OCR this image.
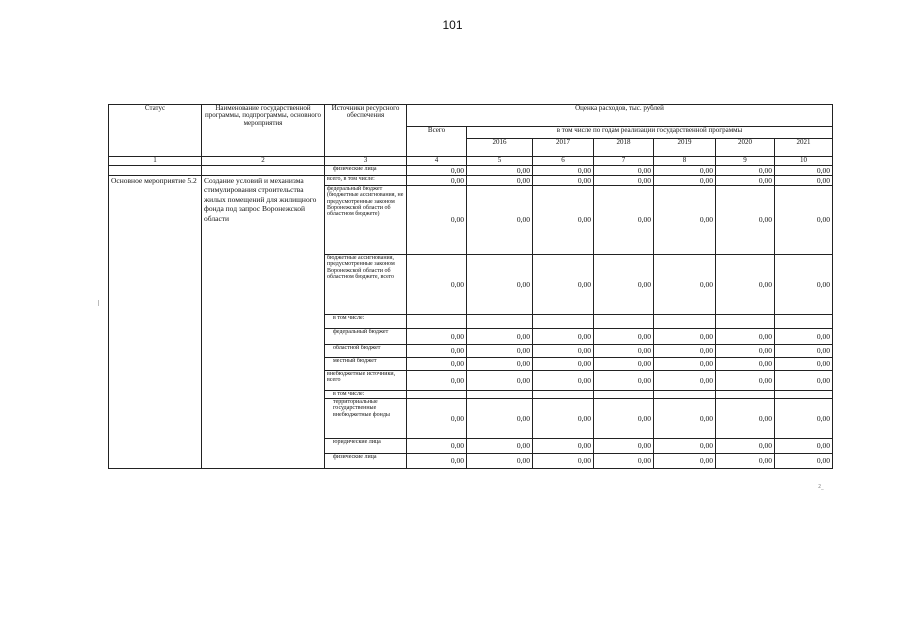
101
Статус	Наименование государственной программы, подпрограммы, основного мероприятия	Источники ресурсного обеспечения	Оценка расходов, тыс. рублей						
			Всего	в том числе по годам реализации государственной программы					
				2016	2017	2018	2019	2020	2021
1	2	3	4	5	6	7	8	9	10
		физические лица	0,00	0,00	0,00	0,00	0,00	0,00	0,00
Основное мероприятие 5.2	Создание условий и механизма стимулирования строительства жилых помещений для жилищного фонда под запрос Воронежской области	всего, в том числе:	0,00	0,00	0,00	0,00	0,00	0,00	0,00
		федеральный бюджет (бюджетные ассигнования, не предусмотренные законом Воронежской области об областном бюджете)	0,00	0,00	0,00	0,00	0,00	0,00	0,00
		бюджетные ассигнования, предусмотренные законом Воронежской области об областном бюджете, всего	0,00	0,00	0,00	0,00	0,00	0,00	0,00
		в том числе:							
		федеральный бюджет	0,00	0,00	0,00	0,00	0,00	0,00	0,00
		областной бюджет	0,00	0,00	0,00	0,00	0,00	0,00	0,00
		местный бюджет	0,00	0,00	0,00	0,00	0,00	0,00	0,00
		внебюджетные источники, всего	0,00	0,00	0,00	0,00	0,00	0,00	0,00
		в том числе:							
		территориальные государственные внебюджетные фонды	0,00	0,00	0,00	0,00	0,00	0,00	0,00
		юридические лица	0,00	0,00	0,00	0,00	0,00	0,00	0,00
		физические лица	0,00	0,00	0,00	0,00	0,00	0,00	0,00
2_
